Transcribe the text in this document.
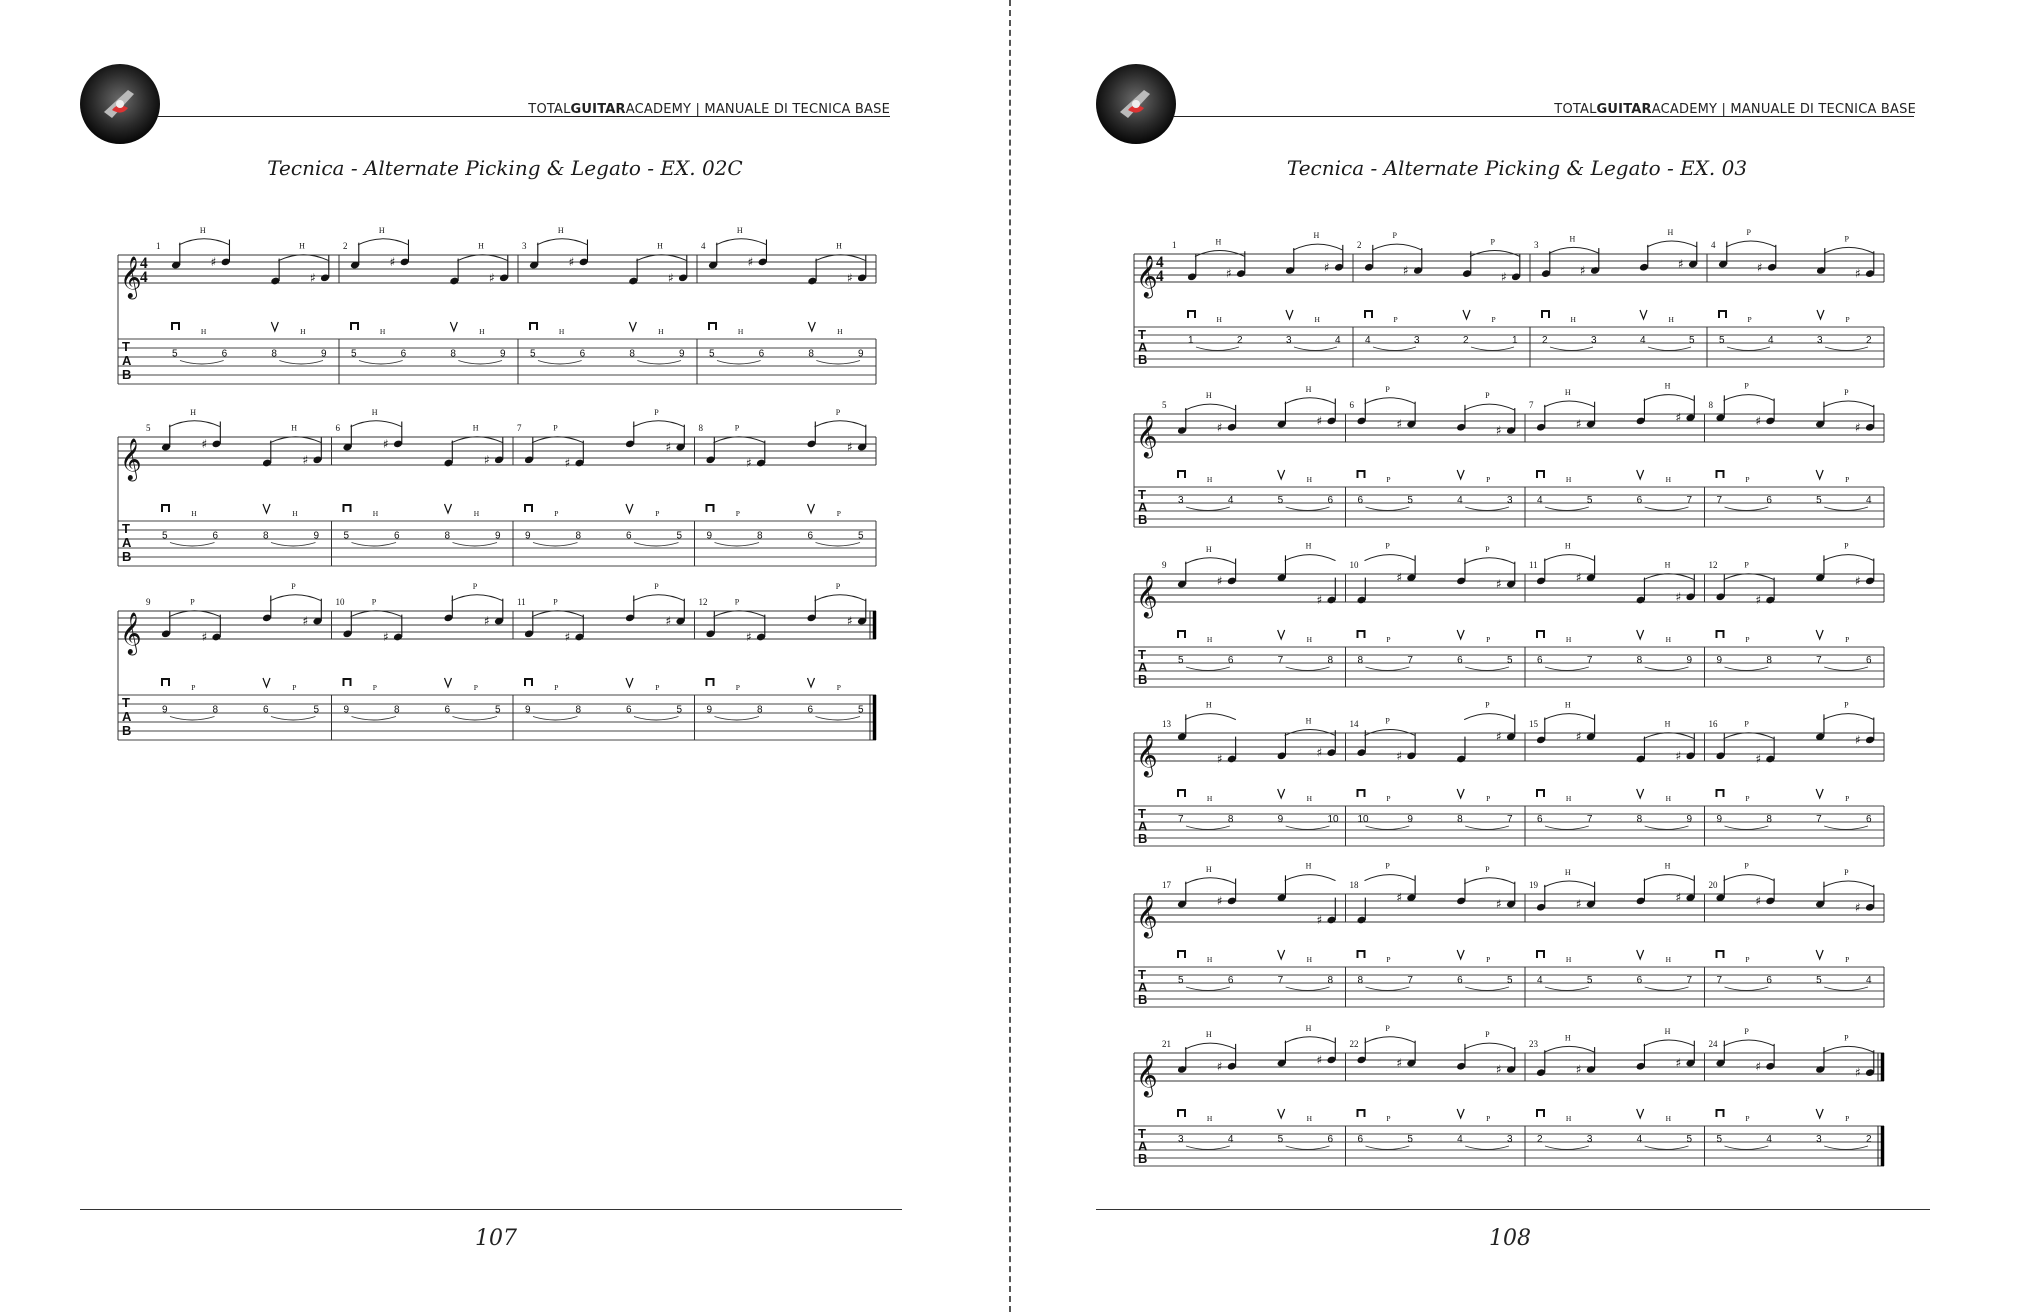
TOTALGUITARACADEMY | MANUALE DI TECNICA BASE
Tecnica - Alternate Picking & Legato - EX. 02C
𝄞
4
4
T
A
B
1
5
♯
6	8
♯
9
H
H
H
H
2
5
♯
6	8
♯
9
H
H
H
H
3
5
♯
6	8
♯
9
H
H
H
H
4
5
♯
6	8
♯
9
H
H
H
H
𝄞
T
A
B
5
5
♯
6	8
♯
9
H
H
H
H
6
5
♯
6	8
♯
9
H
H
H
H
7
9
♯
8	6
♯
5
P
P
P
P
8
9
♯
8	6
♯
5
P
P
P
P
𝄞
T
A
B
9
9
♯
8	6
♯
5
P
P
P
P
10
9
♯
8	6
♯
5
P
P
P
P
11
9
♯
8	6
♯
5
P
P
P
P
12
9
♯
8	6
♯
5
P
P
P
P
107
TOTALGUITARACADEMY | MANUALE DI TECNICA BASE
Tecnica - Alternate Picking & Legato - EX. 03
𝄞
4
4
T
A
B
1
1
♯
2	3
♯
4
H
H
H
H
2
4
♯
3	2
♯
1
P
P
P
P
3
2
♯
3	4
♯
5
H
H
H
H
4
5
♯
4	3
♯
2
P
P
P
P
𝄞
T
A
B
5
3
♯
4	5
♯
6
H
H
H
H
6
6
♯
5	4
♯
3
P
P
P
P
7
4
♯
5	6
♯
7
H
H
H
H
8
7
♯
6	5
♯
4
P
P
P
P
𝄞
T
A
B
9
5
♯
6	7
♯
8
H
H
H
H
10
8
♯
7	6
♯
5
P
P
P
P
11
6
♯
7	8
♯
9
H
H
H
H
12
9
♯
8	7
♯
6
P
P
P
P
𝄞
T
A
B
13
7
♯
8	9
♯
10
H
H
H
H
14
10
♯
9	8
♯
7
P
P
P
P
15
6
♯
7	8
♯
9
H
H
H
H
16
9
♯
8	7
♯
6
P
P
P
P
𝄞
T
A
B
17
5
♯
6	7
♯
8
H
H
H
H
18
8
♯
7	6
♯
5
P
P
P
P
19
4
♯
5	6
♯
7
H
H
H
H
20
7
♯
6	5
♯
4
P
P
P
P
𝄞
T
A
B
21
3
♯
4	5
♯
6
H
H
H
H
22
6
♯
5	4
♯
3
P
P
P
P
23
2
♯
3	4
♯
5
H
H
H
H
24
5
♯
4	3
♯
2
P
P
P
P
108
